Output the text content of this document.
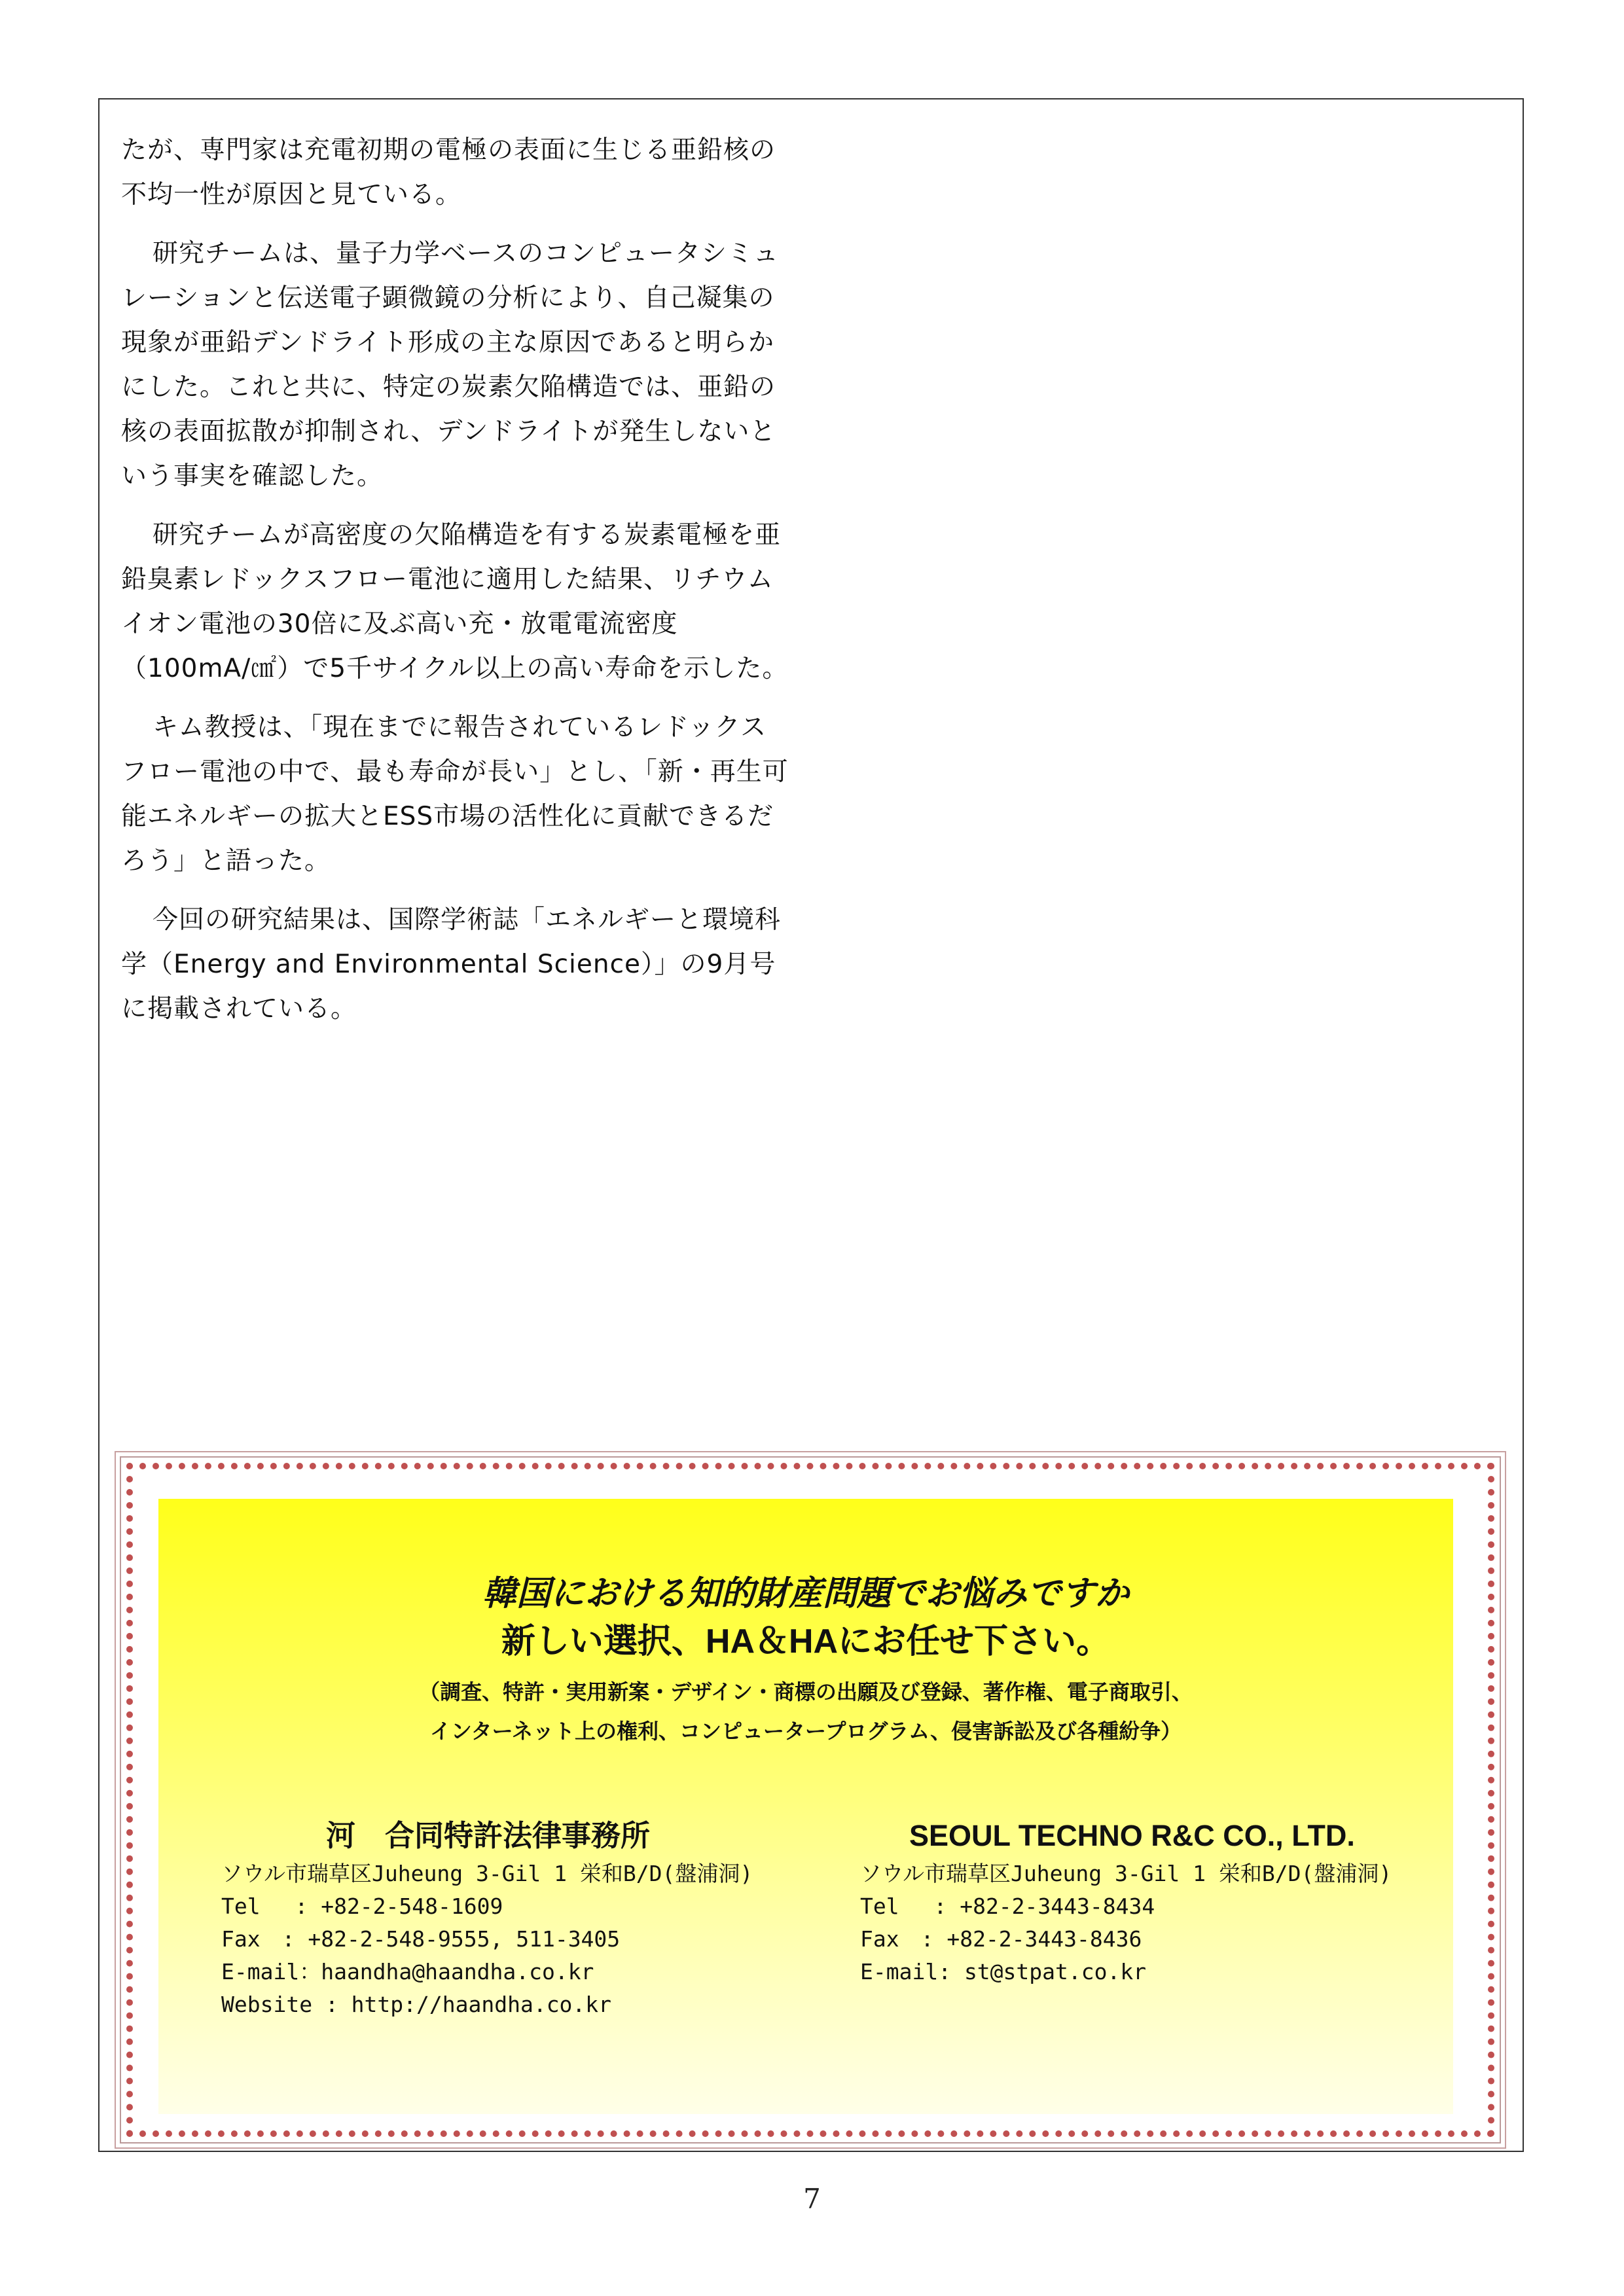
たが、専門家は充電初期の電極の表面に生じる亜鉛核の不均一性が原因と見ている。

研究チームは、量子力学ベースのコンピュータシミュレーションと伝送電子顕微鏡の分析により、自己凝集の現象が亜鉛デンドライト形成の主な原因であると明らかにした。これと共に、特定の炭素欠陥構造では、亜鉛の核の表面拡散が抑制され、デンドライトが発生しないという事実を確認した。

研究チームが高密度の欠陥構造を有する炭素電極を亜鉛臭素レドックスフロー電池に適用した結果、リチウムイオン電池の30倍に及ぶ高い充・放電電流密度（100mA/㎠）で5千サイクル以上の高い寿命を示した。

キム教授は、「現在までに報告されているレドックスフロー電池の中で、最も寿命が長い」とし、「新・再生可能エネルギーの拡大とESS市場の活性化に貢献できるだろう」と語った。

今回の研究結果は、国際学術誌「エネルギーと環境科学（Energy and Environmental Science）」の9月号に掲載されている。

韓国における知的財産問題でお悩みですか
新しい選択、HA＆HAにお任せ下さい。
（調査、特許・実用新案・デザイン・商標の出願及び登録、著作権、電子商取引、
インターネット上の権利、コンピュータープログラム、侵害訴訟及び各種紛争）
河　合同特許法律事務所
ソウル市瑞草区Juheung 3-Gil 1 栄和B/D(盤浦洞)
Tel　 : +82-2-548-1609
Fax　: +82-2-548-9555, 511-3405
E-mail：haandha@haandha.co.kr
Website : http://haandha.co.kr
SEOUL TECHNO R&C CO., LTD.
ソウル市瑞草区Juheung 3-Gil 1 栄和B/D(盤浦洞)
Tel　 : +82-2-3443-8434
Fax　: +82-2-3443-8436
E-mail: st@stpat.co.kr
7
